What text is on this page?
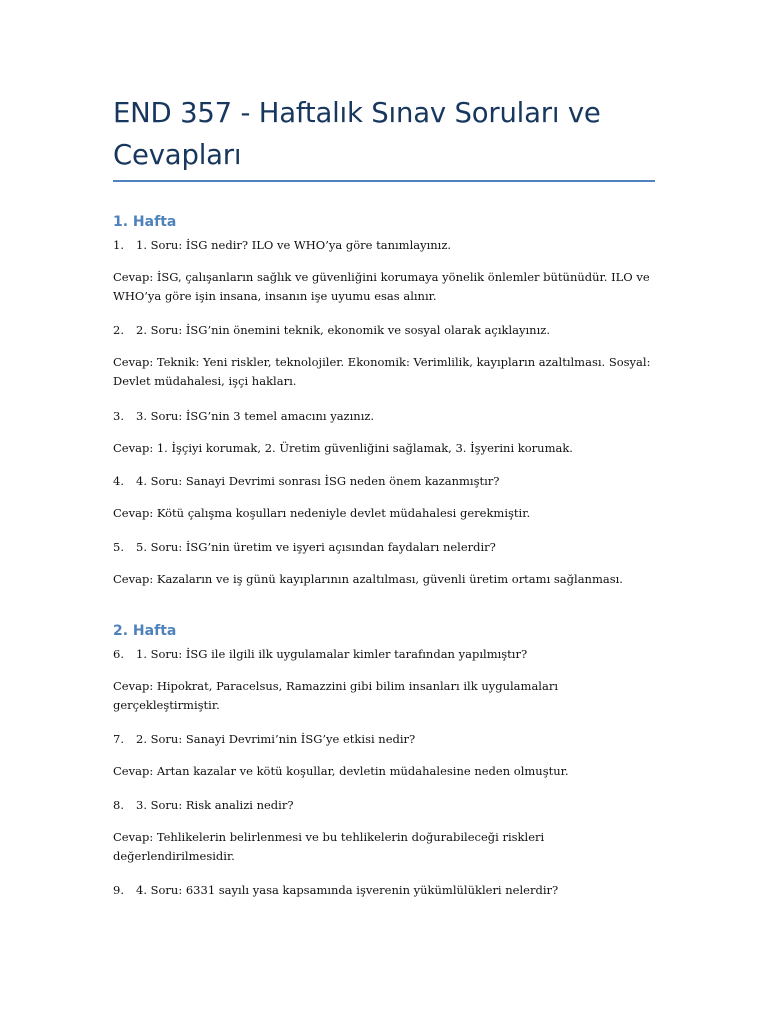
END 357 - Haftalık Sınav Soruları ve Cevapları
1. Hafta
1.	1. Soru: İSG nedir? ILO ve WHO’ya göre tanımlayınız.
Cevap: İSG, çalışanların sağlık ve güvenliğini korumaya yönelik önlemler bütünüdür. ILO ve WHO’ya göre işin insana, insanın işe uyumu esas alınır.
2.	2. Soru: İSG’nin önemini teknik, ekonomik ve sosyal olarak açıklayınız.
Cevap: Teknik: Yeni riskler, teknolojiler. Ekonomik: Verimlilik, kayıpların azaltılması. Sosyal: Devlet müdahalesi, işçi hakları.
3.	3. Soru: İSG’nin 3 temel amacını yazınız.
Cevap: 1. İşçiyi korumak, 2. Üretim güvenliğini sağlamak, 3. İşyerini korumak.
4.	4. Soru: Sanayi Devrimi sonrası İSG neden önem kazanmıştır?
Cevap: Kötü çalışma koşulları nedeniyle devlet müdahalesi gerekmiştir.
5.	5. Soru: İSG’nin üretim ve işyeri açısından faydaları nelerdir?
Cevap: Kazaların ve iş günü kayıplarının azaltılması, güvenli üretim ortamı sağlanması.
2. Hafta
6.	1. Soru: İSG ile ilgili ilk uygulamalar kimler tarafından yapılmıştır?
Cevap: Hipokrat, Paracelsus, Ramazzini gibi bilim insanları ilk uygulamaları gerçekleştirmiştir.
7.	2. Soru: Sanayi Devrimi’nin İSG’ye etkisi nedir?
Cevap: Artan kazalar ve kötü koşullar, devletin müdahalesine neden olmuştur.
8.	3. Soru: Risk analizi nedir?
Cevap: Tehlikelerin belirlenmesi ve bu tehlikelerin doğurabileceği riskleri değerlendirilmesidir.
9.	4. Soru: 6331 sayılı yasa kapsamında işverenin yükümlülükleri nelerdir?
